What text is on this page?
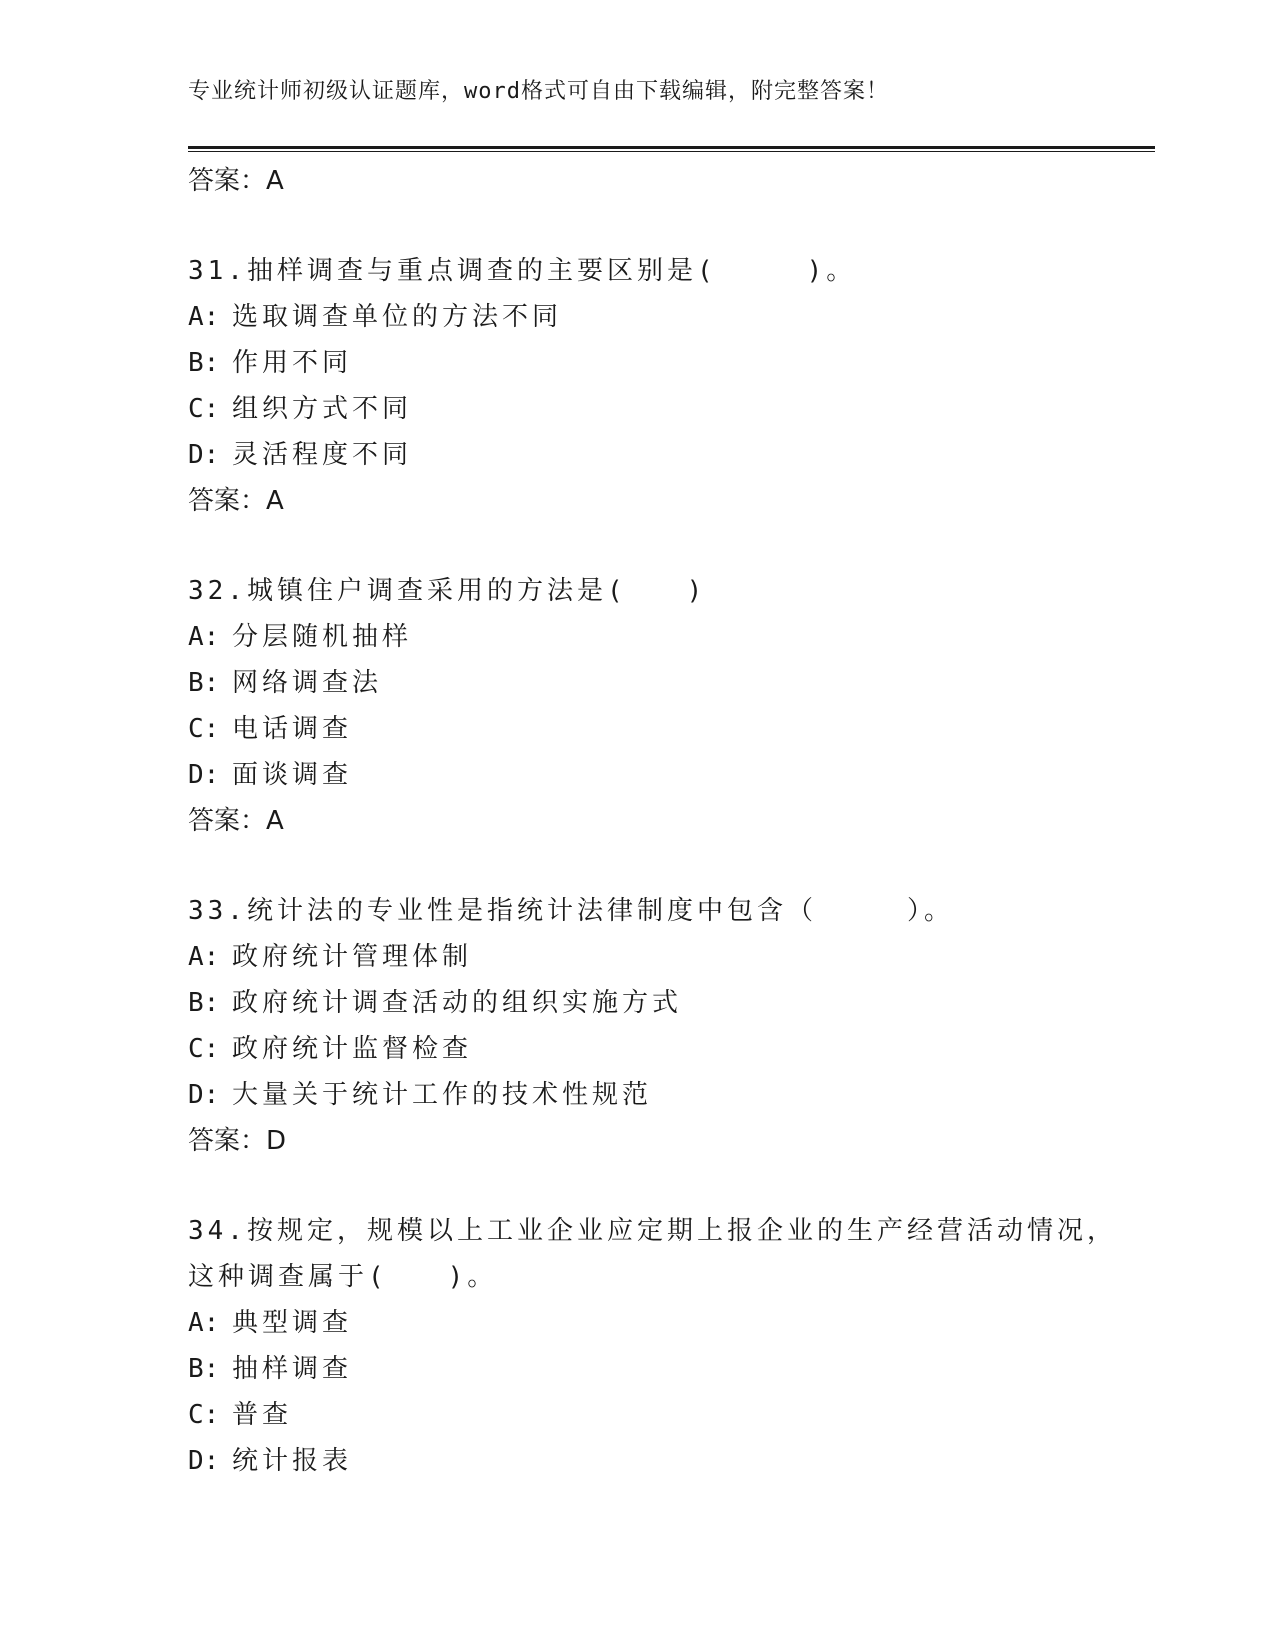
专业统计师初级认证题库，word格式可自由下载编辑，附完整答案！
答案：A
31.抽样调查与重点调查的主要区别是(　　　)。
A: 选取调查单位的方法不同
B: 作用不同
C: 组织方式不同
D: 灵活程度不同
答案：A
32.城镇住户调查采用的方法是(　　)
A: 分层随机抽样
B: 网络调查法
C: 电话调查
D: 面谈调查
答案：A
33.统计法的专业性是指统计法律制度中包含（　　　）。
A: 政府统计管理体制
B: 政府统计调查活动的组织实施方式
C: 政府统计监督检查
D: 大量关于统计工作的技术性规范
答案：D
34.按规定，规模以上工业企业应定期上报企业的生产经营活动情况，
这种调查属于(　　)。
A: 典型调查
B: 抽样调查
C: 普查
D: 统计报表
